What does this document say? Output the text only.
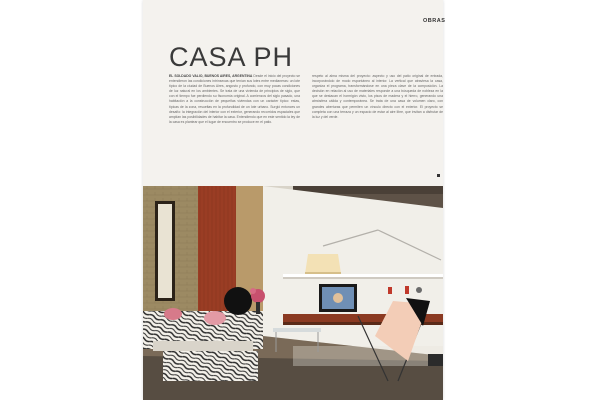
OBRAS
CASA PH
EL SOLDADO VALIO, BUENOS AIRES, ARGENTINA Desde el inicio del proyecto se entendieron las condiciones intrínsecas que tenían sus lotes entre medianeras: un lote típico de la ciudad de Buenos Aires, angosto y profundo, con muy pocas condiciones de luz natural en los ambientes. Se trata de una vivienda de principios de siglo, que con el tiempo fue perdiendo su fisonomía original. A comienzos del siglo pasado, una habitación a la construcción de pequeñas viviendas con un carácter típico: estas, típicas de la zona, resueltas en la profundidad de un lote urbano. Surgió entonces un desafío: la integración del interior con el exterior, generando recorridos espaciales que amplían las posibilidades de habitar la casa. Entendiendo que en este sentido la ley de la casa es plantear que el lugar de encuentro se produce en el patio.
respeto al alma misma del proyecto: aspecto y uso del patio original de entrada, incorporándolo de modo espontáneo al interior. La vertical que atraviesa la casa, organiza el programa, transformándose en una pieza clave de la composición. La decisión en relación al uso de materiales responde a una búsqueda de nobleza en la que se destacan el hormigón visto, los pisos de madera y el hierro, generando una atmósfera cálida y contemporánea. Se trata de una casa de volumen claro, con grandes aberturas que permiten un vínculo directo con el exterior. El proyecto se completa con una terraza y un espacio de estar al aire libre, que invitan a disfrutar de la luz y del verde.
